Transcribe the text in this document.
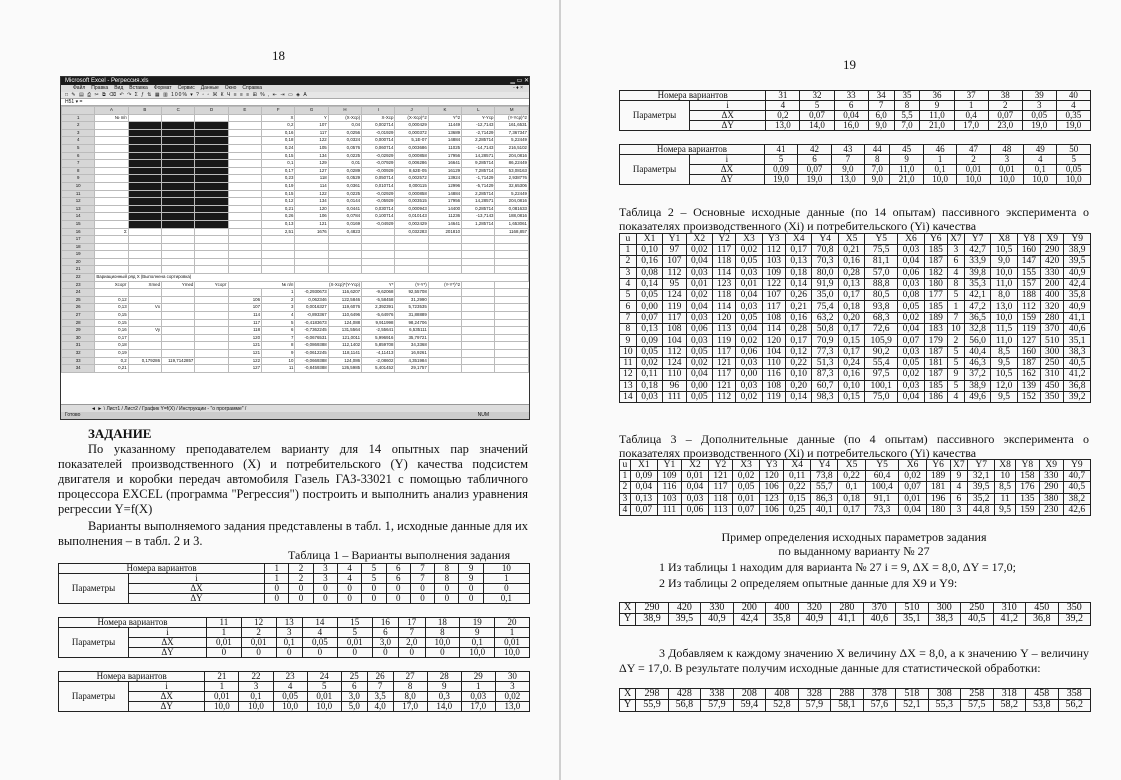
18
Microsoft Excel - Регрессия.xls	▁ ▭ ✕
Файл Правка Вид Вставка Формат Сервис Данные Окно Справка	- ♦ ×
□ ✎ ▤ ⎙ ✂ ⧉ ⌫ ↶ ↷ Σ ƒ ⇅ ▦ ▥ 100% ▾ ? ▫ ▫ Ж К Ч ≡ ≡ ≡ ⊞ % , ⇤ ⇥ ▭ ◈ А
H51 ▾ =
	A	B	C	D	E	F	G	H	I	J	K	L	M
1	№ п/п					X	Y	(X-Xср)	X-Xср	(X-Xср)^2	Y^2	Y-Yср	(Y-Yср)^2
2						0,2	107	0,04	0,002714	0,000429	11449	-12,7143	161,6531
3						0,16	117	0,0256	-0,01929	0,000372	13689	-2,71429	7,367347
4						0,18	122	0,0324	0,000714	5,1E-07	14884	2,285714	5,22449
5						0,24	105	0,0576	0,060714	0,003686	11025	-14,7143	216,5102
6						0,15	134	0,0225	-0,02929	0,000858	17956	14,28571	204,0816
7						0,1	129	0,01	-0,07929	0,006286	16641	9,285714	86,22449
8						0,17	127	0,0289	-0,00929	8,62E-05	16129	7,285714	53,08163
9						0,23	118	0,0529	0,050714	0,002572	13924	-1,71429	2,938776
10						0,19	114	0,0361	0,010714	0,000115	12996	-5,71429	32,65306
11						0,15	122	0,0225	-0,02929	0,000858	14884	2,285714	5,22449
12						0,12	134	0,0144	-0,05929	0,003515	17956	14,28571	204,0816
13						0,21	120	0,0441	0,030714	0,000943	14400	0,285714	0,081633
14						0,26	106	0,0784	0,100714	0,010143	11236	-13,7143	188,0816
15						0,13	121	0,0169	-0,04929	0,002429	14641	1,285714	1,653061
16	Σ					2,51	1676	0,4823		0,032283	201810		1168,857
17													
18													
19													
20													
21													
22	Вариационный ряд X (Выполнена сортировка)												
23	Xсорт	Xmed	Ymed	Yсорт	№ п/п		(X-Xср)*(Y-Yср)		Y*	(Y-Y*)	(Y-Y*)^2		
24						1	-0,2930673	116,6207	-9,62068	92,55708			
25	0,12				106	2	0,062346	122,5846	-5,58458	31,2990			
26	0,13	Vx			107	3	0,0016327	119,6076	2,392391	5,723535			
27	0,15				114	4	-0,893367	110,6496	-5,64976	31,88889			
28	0,15				117	5	-0,4183673	124,088	9,911998	98,24706			
29	0,16	Vy			118	6	-0,7362245	131,5564	-2,55641	6,535111			
30	0,17				120	7	-0,0676531	121,0011	5,996916	35,79721			
31	0,18				121	8	-0,0869388	112,1402	5,859708	34,3368			
32	0,19				121	9	-0,0612245	118,1141	-4,11413	16,9261			
33	0,2	0,179286	119,7142857		122	10	-0,0669388	124,086	-2,08602	4,351984			
34	0,21				127	11	-0,8459388	126,5985	5,401452	29,1757			
◄ ► \ Лист1 / Лист2 / График Y=f(X) / Инструкции - "о программе" /
Готово	NUM
ЗАДАНИЕ
По указанному преподавателем варианту для 14 опытных пар значений показателей производственного (X) и потребительского (Y) качества подсистем двигателя и коробки передач автомобиля Газель ГАЗ-33021 с помощью табличного процессора EXCEL (программа "Регрессия") построить и выполнить анализ уравнения регрессии Y=f(X)
Варианты выполняемого задания представлены в табл. 1, исходные данные для их выполнения – в табл. 2 и 3.
Таблица 1 – Варианты выполнения задания
Номера вариантов		1	2	3	4	5	6	7	8	9	10
Параметры	i	1	2	3	4	5	6	7	8	9	1
	ΔX	0	0	0	0	0	0	0	0	0	0
	ΔY	0	0	0	0	0	0	0	0	0	0,1
Номера вариантов		11	12	13	14	15	16	17	18	19	20
Параметры	i	1	2	3	4	5	6	7	8	9	1
	ΔX	0,01	0,01	0,1	0,05	0,01	3,0	2,0	10,0	0,1	0,01
	ΔY	0	0	0	0	0	0	0	0	10,0	10,0
Номера вариантов		21	22	23	24	25	26	27	28	29	30
Параметры	i	1	3	4	5	6	7	8	9	1	3
	ΔX	0,01	0,1	0,05	0,01	3,0	3,5	8,0	0,3	0,03	0,02
	ΔY	10,0	10,0	10,0	10,0	5,0	4,0	17,0	14,0	17,0	13,0
19
Номера вариантов		31	32	33	34	35	36	37	38	39	40
Параметры	i	4	5	6	7	8	9	1	2	3	4
	ΔX	0,2	0,07	0,04	6,0	5,5	11,0	0,4	0,07	0,05	0,35
	ΔY	13,0	14,0	16,0	9,0	7,0	21,0	17,0	23,0	19,0	19,0
Номера вариантов		41	42	43	44	45	46	47	48	49	50
Параметры	i	5	6	7	8	9	1	2	3	4	5
	ΔX	0,09	0,07	9,0	7,0	11,0	0,1	0,01	0,01	0,1	0,05
	ΔY	19,0	19,0	13,0	9,0	21,0	10,0	10,0	10,0	10,0	10,0
Таблица 2 – Основные исходные данные (по 14 опытам) пассивного эксперимента о показателях производственного (Xi) и потребительского (Yi) качества
u	X1	Y1	X2	Y2	X3	Y3	X4	Y4	X5	Y5	X6	Y6	X7	Y7	X8	Y8	X9	Y9
1	0,10	97	0,02	117	0,02	112	0,17	70,8	0,21	75,5	0,03	185	3	42,7	10,5	160	290	38,9
2	0,16	107	0,04	118	0,05	103	0,13	70,3	0,16	81,1	0,04	187	6	33,9	9,0	147	420	39,5
3	0,08	112	0,03	114	0,03	109	0,18	80,0	0,28	57,0	0,06	182	4	39,8	10,0	155	330	40,9
4	0,14	95	0,01	123	0,01	122	0,14	91,9	0,13	88,8	0,03	180	8	35,3	11,0	157	200	42,4
5	0,05	124	0,02	118	0,04	107	0,26	35,0	0,17	80,5	0,08	177	5	42,1	8,0	188	400	35,8
6	0,00	119	0,04	114	0,03	117	0,21	75,4	0,18	93,8	0,05	185	1	47,2	13,0	112	320	40,9
7	0,07	117	0,03	120	0,05	108	0,16	63,2	0,20	68,3	0,02	189	7	36,5	10,0	159	280	41,1
8	0,13	108	0,06	113	0,04	114	0,28	50,8	0,17	72,6	0,04	183	10	32,8	11,5	119	370	40,6
9	0,09	104	0,03	119	0,02	120	0,17	70,9	0,15	105,9	0,07	179	2	56,0	11,0	127	510	35,1
10	0,05	112	0,05	117	0,06	104	0,12	77,3	0,17	90,2	0,03	187	5	40,4	8,5	160	300	38,3
11	0,02	124	0,02	121	0,03	110	0,22	51,3	0,24	55,4	0,05	181	5	46,3	9,5	187	250	40,5
12	0,11	110	0,04	117	0,00	116	0,10	87,3	0,16	97,5	0,02	187	9	37,2	10,5	162	310	41,2
13	0,18	96	0,00	121	0,03	108	0,20	60,7	0,10	100,1	0,03	185	5	38,9	12,0	139	450	36,8
14	0,03	111	0,05	112	0,02	119	0,14	98,3	0,15	75,0	0,04	186	4	49,6	9,5	152	350	39,2
Таблица 3 – Дополнительные данные (по 4 опытам) пассивного эксперимента о показателях производственного (Xi) и потребительского (Yi) качества
u	X1	Y1	X2	Y2	X3	Y3	X4	Y4	X5	Y5	X6	Y6	X7	Y7	X8	Y8	X9	Y9
1	0,09	109	0,01	121	0,02	120	0,11	73,8	0,22	60,4	0,02	189	9	32,1	10	158	330	40,7
2	0,04	116	0,04	117	0,05	106	0,22	55,7	0,1	100,4	0,07	181	4	39,5	8,5	176	290	40,5
3	0,13	103	0,03	118	0,01	123	0,15	86,3	0,18	91,1	0,01	196	6	35,2	11	135	380	38,2
4	0,07	111	0,06	113	0,07	106	0,25	40,1	0,17	73,3	0,04	180	3	44,8	9,5	159	230	42,6
Пример определения исходных параметров задания
по выданному варианту № 27
1 Из таблицы 1 находим для варианта № 27 i = 9, ΔX = 8,0, ΔY = 17,0;
2 Из таблицы 2 определяем опытные данные для X9 и Y9:
X	290	420	330	200	400	320	280	370	510	300	250	310	450	350
Y	38,9	39,5	40,9	42,4	35,8	40,9	41,1	40,6	35,1	38,3	40,5	41,2	36,8	39,2
3 Добавляем к каждому значению X величину ΔX = 8,0, а к значению Y – величину ΔY = 17,0. В результате получим исходные данные для статистической обработки:
X	298	428	338	208	408	328	288	378	518	308	258	318	458	358
Y	55,9	56,8	57,9	59,4	52,8	57,9	58,1	57,6	52,1	55,3	57,5	58,2	53,8	56,2
